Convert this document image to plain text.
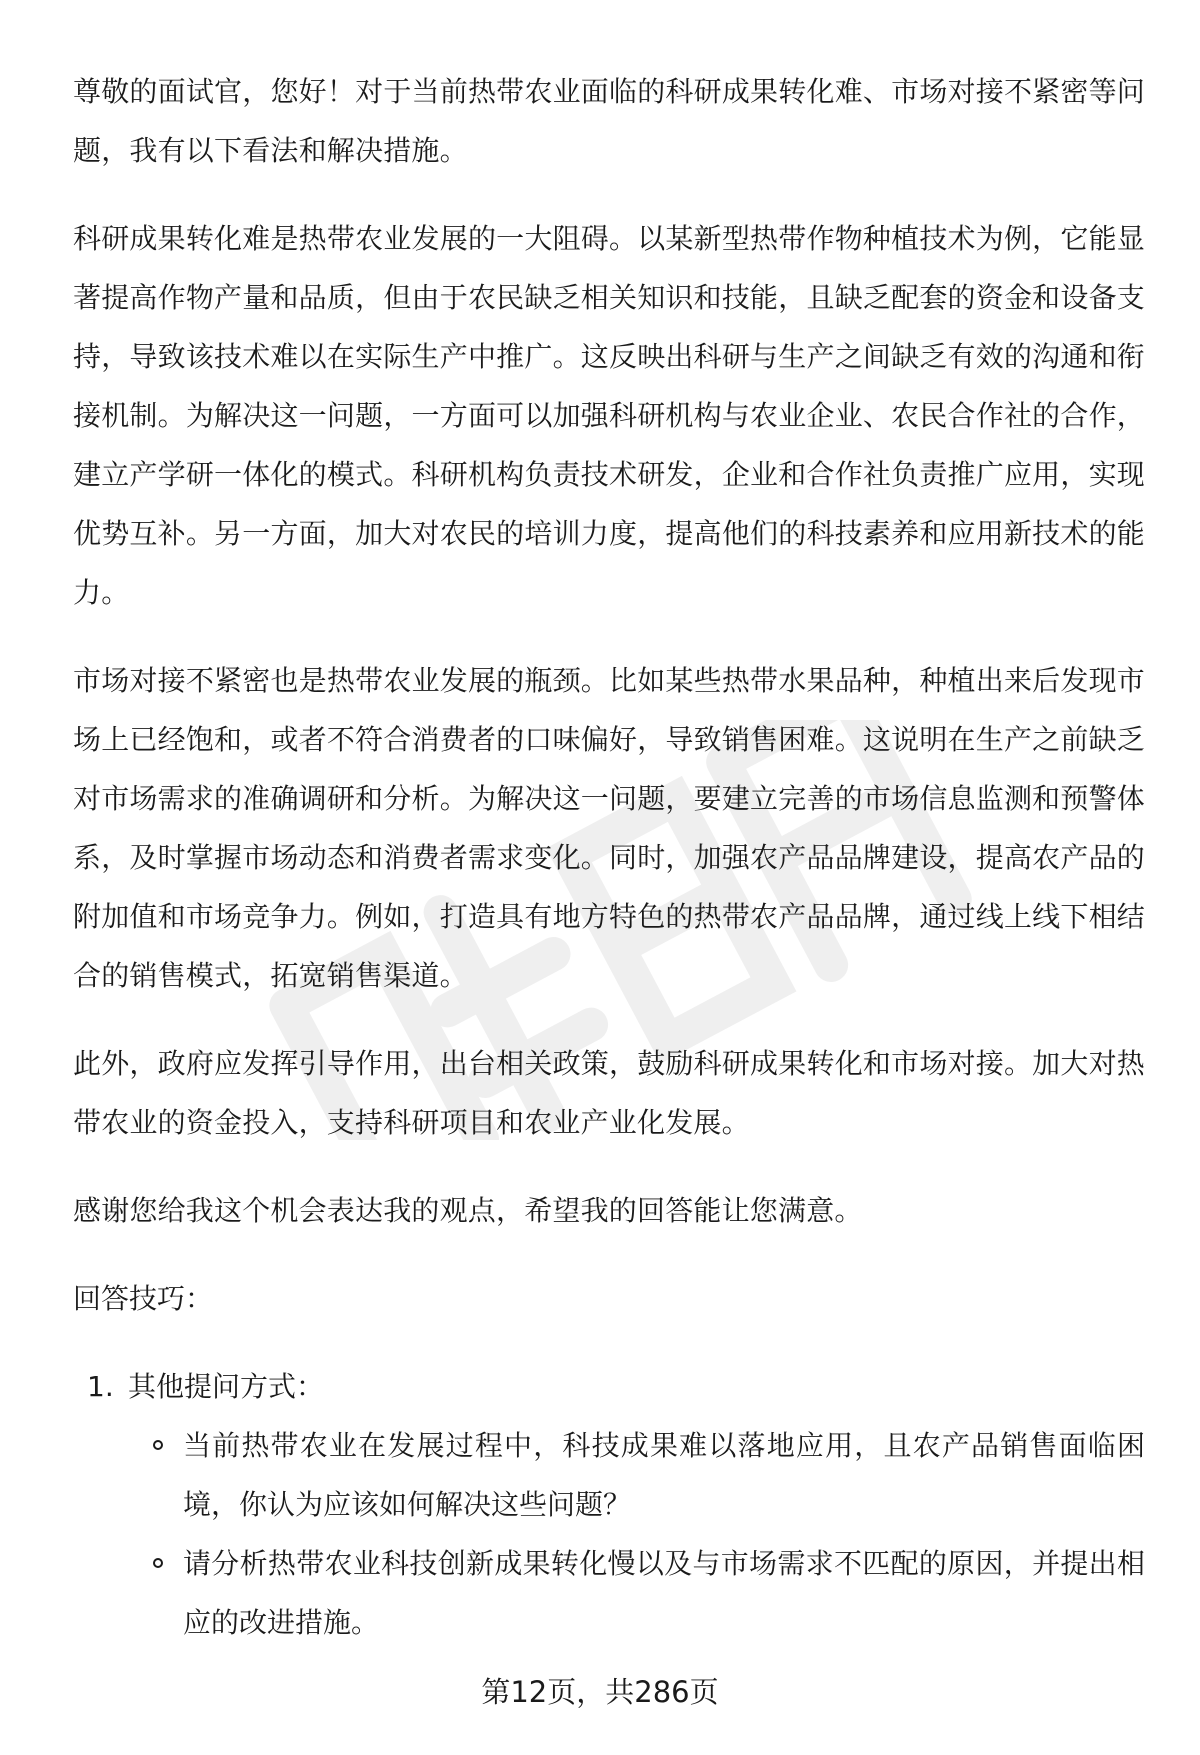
尊敬的面试官，您好！对于当前热带农业面临的科研成果转化难、市场对接不紧密等问题，我有以下看法和解决措施。

科研成果转化难是热带农业发展的一大阻碍。以某新型热带作物种植技术为例，它能显著提高作物产量和品质，但由于农民缺乏相关知识和技能，且缺乏配套的资金和设备支持，导致该技术难以在实际生产中推广。这反映出科研与生产之间缺乏有效的沟通和衔接机制。为解决这一问题，一方面可以加强科研机构与农业企业、农民合作社的合作，建立产学研一体化的模式。科研机构负责技术研发，企业和合作社负责推广应用，实现优势互补。另一方面，加大对农民的培训力度，提高他们的科技素养和应用新技术的能力。

市场对接不紧密也是热带农业发展的瓶颈。比如某些热带水果品种，种植出来后发现市场上已经饱和，或者不符合消费者的口味偏好，导致销售困难。这说明在生产之前缺乏对市场需求的准确调研和分析。为解决这一问题，要建立完善的市场信息监测和预警体系，及时掌握市场动态和消费者需求变化。同时，加强农产品品牌建设，提高农产品的附加值和市场竞争力。例如，打造具有地方特色的热带农产品品牌，通过线上线下相结合的销售模式，拓宽销售渠道。

此外，政府应发挥引导作用，出台相关政策，鼓励科研成果转化和市场对接。加大对热带农业的资金投入，支持科研项目和农业产业化发展。

感谢您给我这个机会表达我的观点，希望我的回答能让您满意。

回答技巧：

1. 其他提问方式：
当前热带农业在发展过程中，科技成果难以落地应用，且农产品销售面临困境，你认为应该如何解决这些问题？
请分析热带农业科技创新成果转化慢以及与市场需求不匹配的原因，并提出相应的改进措施。
第12页，共286页
